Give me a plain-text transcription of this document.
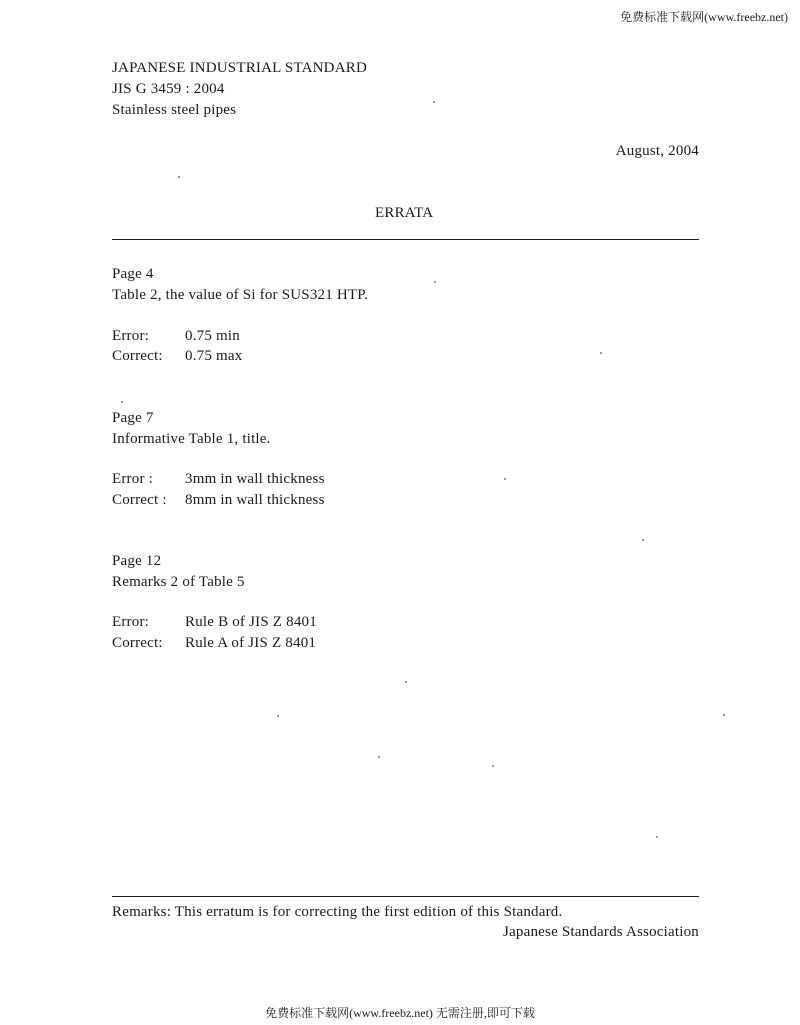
免费标准下载网(www.freebz.net)
JAPANESE INDUSTRIAL STANDARD
JIS G 3459 : 2004
Stainless steel pipes
August, 2004
ERRATA
Page 4
Table 2, the value of Si for SUS321 HTP.
Error: 0.75 min
Correct: 0.75 max
Page 7
Informative Table 1, title.
Error : 3mm in wall thickness
Correct : 8mm in wall thickness
Page 12
Remarks 2 of Table 5
Error: Rule B of JIS Z 8401
Correct: Rule A of JIS Z 8401
Remarks: This erratum is for correcting the first edition of this Standard.
Japanese Standards Association
免费标准下载网(www.freebz.net) 无需注册,即可下载
